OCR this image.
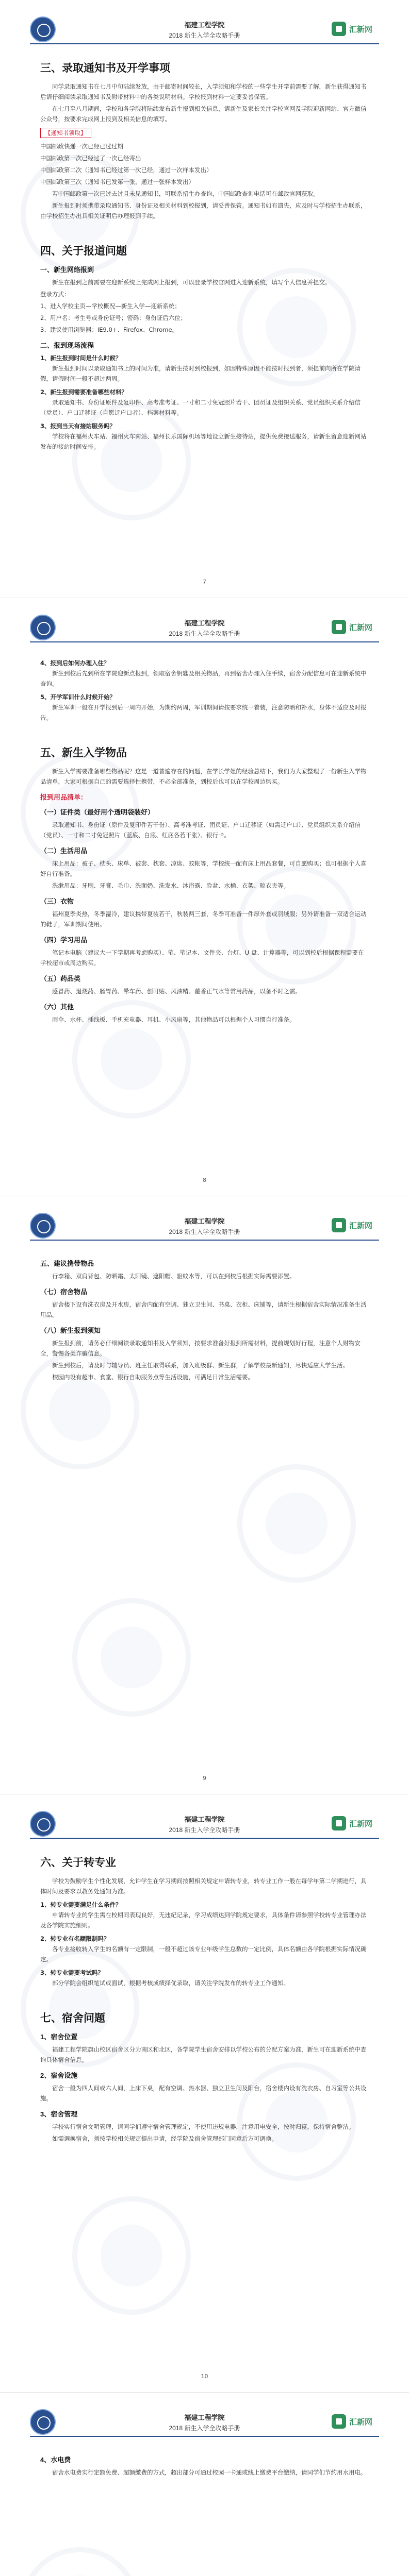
福建工程学院
2018 新生入学全攻略手册
汇新网
三、录取通知书及开学事项

同学录取通知书在七月中旬陆续发放，由于邮寄时间较长，入学须知和学校的一些学生开学前需要了解，新生获得通知书后请仔细阅读录取通知书及附带材料中的各类说明材料。学校报到材料一定要妥善保管。

在七月至八月期间，学校和各学院将陆续发布新生报到相关信息，请新生及家长关注学校官网及学院迎新网站、官方微信公众号，按要求完成网上报到及相关信息的填写。

【通知书领取】

中国邮政快递一次已经已过过期

中国邮政第一次已经过了一次已经寄出

中国邮政第二次（通知书已经过第一次已经，通过一次样本发出）

中国邮政第三次（通知书已发第一张，通过一张样本发出）

若中国邮政第一次已过去过且未见通知书，可联系招生办查询，中国邮政查询电话可在邮政官网获取。

新生报到时须携带录取通知书、身份证及相关材料到校报到，请妥善保管。通知书如有遗失，应及时与学校招生办联系，由学校招生办出具相关证明后办理报到手续。

四、关于报道问题
一、新生网络报到

新生在报到之前需要在迎新系统上完成网上报到，可以登录学校官网进入迎新系统，填写个人信息并提交。

登录方式：

1、进入学校主页—学校概况—新生入学—迎新系统；

2、用户名：考生号或身份证号；密码：身份证后六位；

3、建议使用浏览器：IE9.0+、Firefox、Chrome。

二、报到现场流程
1、新生报到时间是什么时候？
新生报到时间以录取通知书上的时间为准，请新生按时到校报到，如因特殊原因不能按时报到者，须提前向所在学院请假，请假时间一般不超过两周。
2、新生报到需要准备哪些材料？
录取通知书、身份证原件及复印件、高考准考证、一寸和二寸免冠照片若干、团员证及组织关系、党员组织关系介绍信（党员）、户口迁移证（自愿迁户口者）、档案材料等。
3、报到当天有接站服务吗？
学校将在福州火车站、福州火车南站、福州长乐国际机场等地设立新生接待站，提供免费接送服务，请新生留意迎新网站发布的接站时间安排。
7
福建工程学院
2018 新生入学全攻略手册
汇新网
4、报到后如何办理入住？
新生到校后先到所在学院迎新点报到，领取宿舍钥匙及相关物品，再到宿舍办理入住手续，宿舍分配信息可在迎新系统中查询。
5、开学军训什么时候开始？
新生军训一般在开学报到后一周内开始，为期约两周，军训期间请按要求统一着装，注意防晒和补水，身体不适应及时报告。
五、新生入学物品

新生入学需要准备哪些物品呢？这是一道普遍存在的问题，在学长学姐的经验总结下，我们为大家整理了一份新生入学物品清单，大家可根据自己的需要选择性携带，不必全部准备，到校后也可以在学校周边购买。

报到用品清单：
（一）证件类（最好用个透明袋装好）

录取通知书、身份证（原件及复印件若干份）、高考准考证、团员证、户口迁移证（如需迁户口）、党员组织关系介绍信（党员）、一寸和二寸免冠照片（蓝底、白底、红底各若干张）、银行卡。

（二）生活用品

床上用品：被子、枕头、床单、被套、枕套、凉席、蚊帐等，学校统一配有床上用品套餐，可自愿购买；也可根据个人喜好自行准备。

洗漱用品：牙刷、牙膏、毛巾、洗面奶、洗发水、沐浴露、脸盆、水桶、衣架、晾衣夹等。

（三）衣物

福州夏季炎热，冬季湿冷，建议携带夏装若干，秋装两三套，冬季可准备一件厚外套或羽绒服；另外请准备一双适合运动的鞋子，军训期间使用。

（四）学习用品

笔记本电脑（建议大一下学期再考虑购买）、笔、笔记本、文件夹、台灯、U 盘、计算器等，可以到校后根据课程需要在学校超市或周边购买。

（五）药品类

感冒药、退烧药、肠胃药、晕车药、创可贴、风油精、藿香正气水等常用药品，以备不时之需。

（六）其他

雨伞、水杯、插线板、手机充电器、耳机、小风扇等，其他物品可以根据个人习惯自行准备。

8
福建工程学院
2018 新生入学全攻略手册
汇新网
五、建议携带物品

行李箱、双肩背包、防晒霜、太阳镜、遮阳帽、驱蚊水等，可以在到校后根据实际需要添置。

（七）宿舍物品

宿舍楼下设有洗衣房及开水房，宿舍内配有空调、独立卫生间、书桌、衣柜、床铺等，请新生根据宿舍实际情况准备生活用品。

（八）新生报到须知

新生报到前，请务必仔细阅读录取通知书及入学须知，按要求准备好报到所需材料，提前规划好行程，注意个人财物安全，警惕各类诈骗信息。

新生到校后，请及时与辅导员、班主任取得联系，加入班级群、新生群，了解学校最新通知，尽快适应大学生活。

校园内设有超市、食堂、银行自助服务点等生活设施，可满足日常生活需要。

9
福建工程学院
2018 新生入学全攻略手册
汇新网
六、关于转专业

学校为鼓励学生个性化发展，允许学生在学习期间按照相关规定申请转专业，转专业工作一般在每学年第二学期进行，具体时间及要求以教务处通知为准。

1、转专业需要满足什么条件？
申请转专业的学生需在校期间表现良好，无违纪记录，学习成绩达到学院规定要求，具体条件请参照学校转专业管理办法及各学院实施细则。
2、转专业有名额限制吗？
各专业接收转入学生的名额有一定限制，一般不超过该专业年级学生总数的一定比例，具体名额由各学院根据实际情况确定。
3、转专业需要考试吗？
部分学院会组织笔试或面试，根据考核成绩择优录取，请关注学院发布的转专业工作通知。
七、宿舍问题
1、宿舍位置

福建工程学院旗山校区宿舍区分为南区和北区，各学院学生宿舍安排以学校公布的分配方案为准，新生可在迎新系统中查询具体宿舍信息。

2、宿舍设施

宿舍一般为四人间或六人间，上床下桌，配有空调、热水器、独立卫生间及阳台，宿舍楼内设有洗衣房、自习室等公共设施。

3、宿舍管理

学校实行宿舍文明管理，请同学们遵守宿舍管理规定，不使用违规电器，注意用电安全，按时归寝，保持宿舍整洁。

如需调换宿舍，须按学校相关规定提出申请，经学院及宿舍管理部门同意后方可调换。

10
福建工程学院
2018 新生入学全攻略手册
汇新网
4、水电费

宿舍水电费实行定额免费、超额缴费的方式，超出部分可通过校园一卡通或线上缴费平台缴纳，请同学们节约用水用电。
